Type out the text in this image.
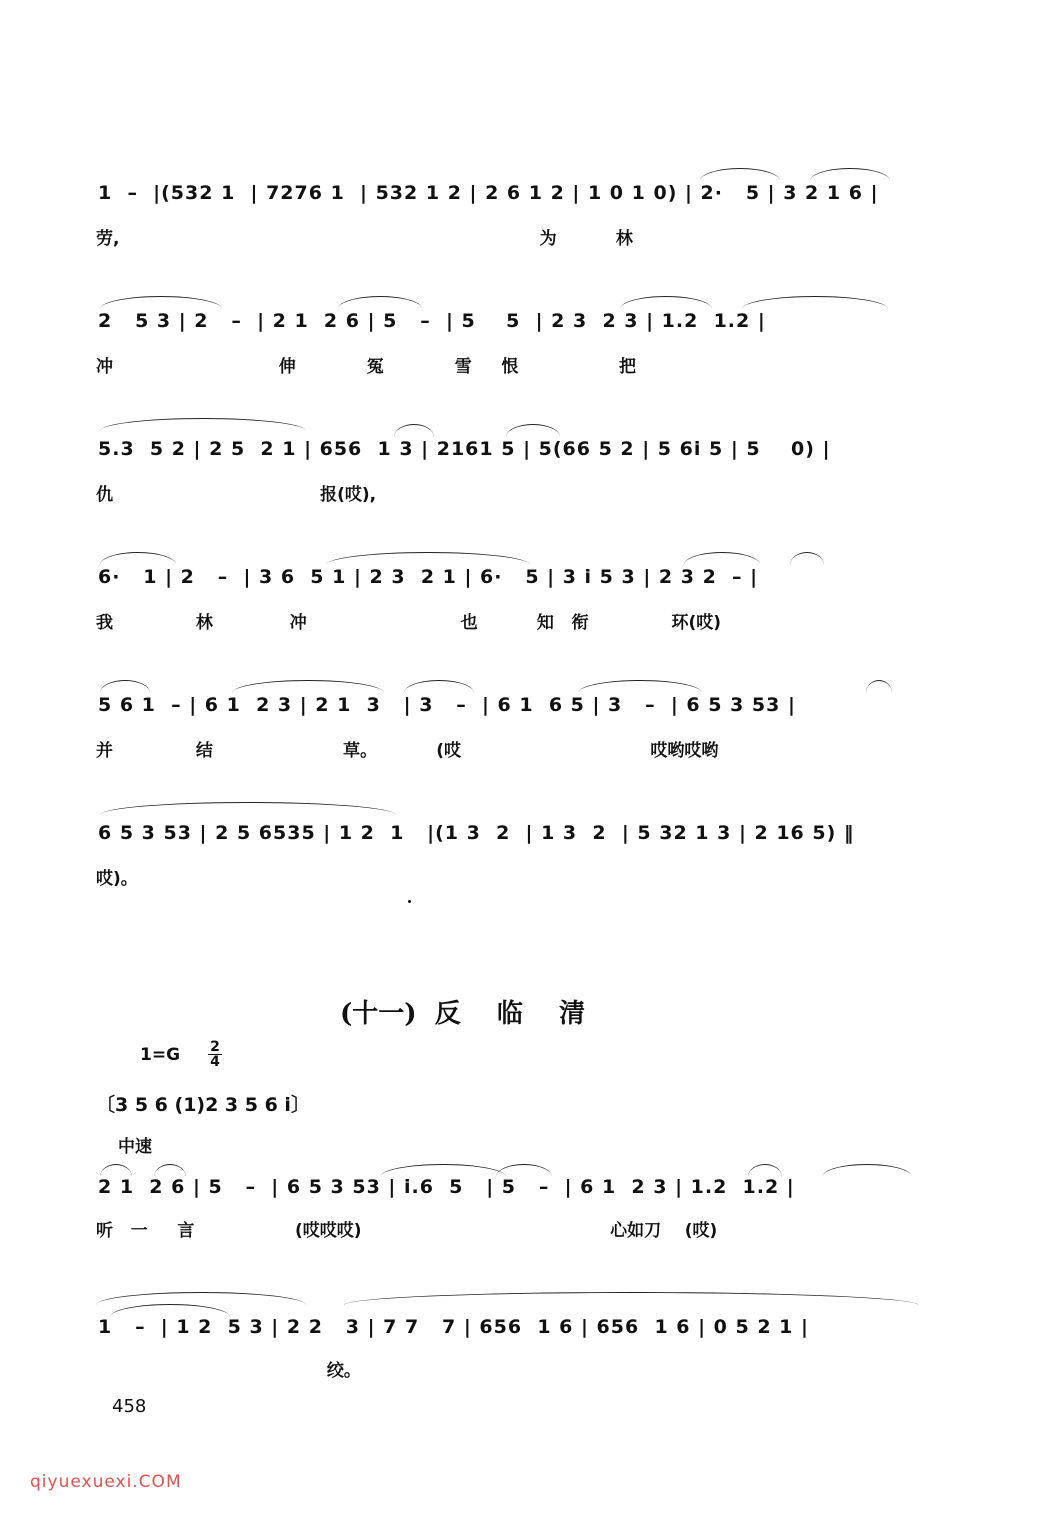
1  –  |(532 1  | 7276 1  | 532 1 2 | 2 6 1 2 | 1 0 1 0) | 2·   5 | 3 2 1 6 |
劳,                                                                       为          林
2   5 3 | 2   –  | 2 1  2 6 | 5   –  | 5    5  | 2 3  2 3 | 1.2  1.2 |
冲                            伸            冤            雪     恨                 把
5.3  5 2 | 2 5  2 1 | 656  1 3 | 2161 5 | 5(66 5 2 | 5 6i 5 | 5    0) |
仇                                   报(哎),
6·   1 | 2   –  | 3 6  5 1 | 2 3  2 1 | 6·   5 | 3 i 5 3 | 2 3 2  – |
我              林             冲                          也          知   衔              环(哎)
5 6 1  – | 6 1  2 3 | 2 1  3   | 3   –  | 6 1  6 5 | 3   –  | 6 5 3 53 |
并              结                      草。          (哎                                哎哟哎哟
6 5 3 53 | 2 5 6535 | 1 2  1   |(1 3  2  | 1 3  2  | 5 32 1 3 | 2 16 5) ‖
哎)。
(十一)  反    临    清
$1=G \frac{2}{4}$
〔3 5 6 (1)2 3 5 6 i〕
中速
2 1  2 6 | 5   –  | 6 5 3 53 | i.6  5   | 5   –  | 6 1  2 3 | 1.2  1.2 |
听   一     言                 (哎哎哎)                                          心如刀    (哎)
1   –  | 1 2  5 3 | 2 2   3 | 7 7   7 | 656  1 6 | 656  1 6 | 0 5 2 1 |
绞。
458
qiyuexuexi.COM
